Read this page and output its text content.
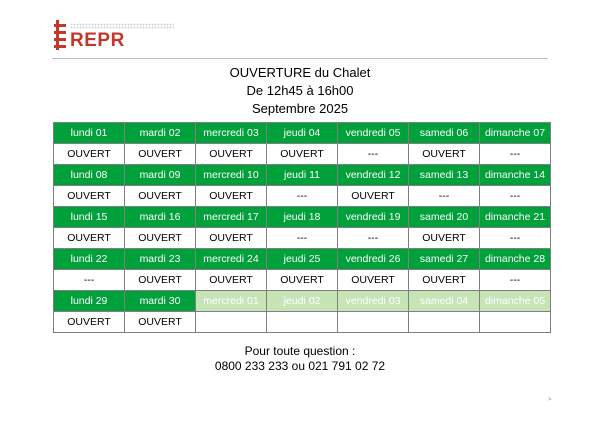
REPR
OUVERTURE du Chalet
De 12h45 à 16h00
Septembre 2025
lundi 01	mardi 02	mercredi 03	jeudi 04	vendredi 05	samedi 06	dimanche 07
OUVERT	OUVERT	OUVERT	OUVERT	---	OUVERT	---
lundi 08	mardi 09	mercredi 10	jeudi 11	vendredi 12	samedi 13	dimanche 14
OUVERT	OUVERT	OUVERT	---	OUVERT	---	---
lundi 15	mardi 16	mercredi 17	jeudi 18	vendredi 19	samedi 20	dimanche 21
OUVERT	OUVERT	OUVERT	---	---	OUVERT	---
lundi 22	mardi 23	mercredi 24	jeudi 25	vendredi 26	samedi 27	dimanche 28
---	OUVERT	OUVERT	OUVERT	OUVERT	OUVERT	---
lundi 29	mardi 30	mercredi 01	jeudi 02	vendredi 03	samedi 04	dimanche 05
OUVERT	OUVERT					
Pour toute question :
0800 233 233 ou 021 791 02 72
>
